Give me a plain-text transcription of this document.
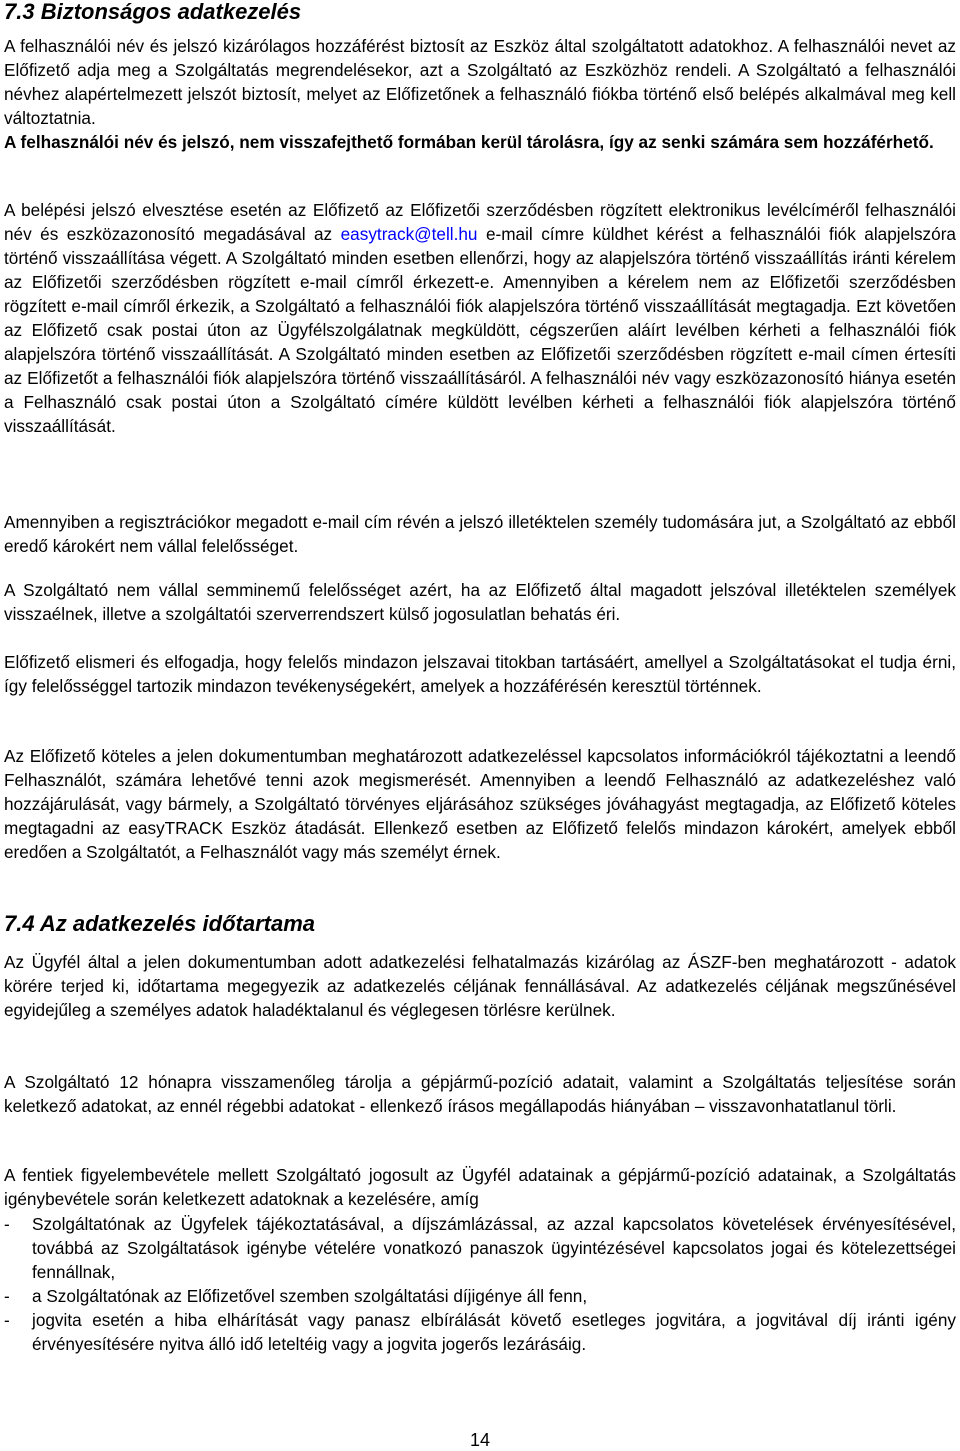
7.3 Biztonságos adatkezelés

A felhasználói név és jelszó kizárólagos hozzáférést biztosít az Eszköz által szolgáltatott adatokhoz. A felhasználói nevet az Előfizető adja meg a Szolgáltatás megrendelésekor, azt a Szolgáltató az Eszközhöz rendeli. A Szolgáltató a felhasználói névhez alapértelmezett jelszót biztosít, melyet az Előfizetőnek a felhasználó fiókba történő első belépés alkalmával meg kell változtatnia.

A felhasználói név és jelszó, nem visszafejthető formában kerül tárolásra, így az senki számára sem hozzáférhető.

A belépési jelszó elvesztése esetén az Előfizető az Előfizetői szerződésben rögzített elektronikus levélcíméről felhasználói név és eszközazonosító megadásával az easytrack@tell.hu e-mail címre küldhet kérést a felhasználói fiók alapjelszóra történő visszaállítása végett. A Szolgáltató minden esetben ellenőrzi, hogy az alapjelszóra történő visszaállítás iránti kérelem az Előfizetői szerződésben rögzített e-mail címről érkezett-e. Amennyiben a kérelem nem az Előfizetői szerződésben rögzített e-mail címről érkezik, a Szolgáltató a felhasználói fiók alapjelszóra történő visszaállítását megtagadja. Ezt követően az Előfizető csak postai úton az Ügyfélszolgálatnak megküldött, cégszerűen aláírt levélben kérheti a felhasználói fiók alapjelszóra történő visszaállítását. A Szolgáltató minden esetben az Előfizetői szerződésben rögzített e-mail címen értesíti az Előfizetőt a felhasználói fiók alapjelszóra történő visszaállításáról. A felhasználói név vagy eszközazonosító hiánya esetén a Felhasználó csak postai úton a Szolgáltató címére küldött levélben kérheti a felhasználói fiók alapjelszóra történő visszaállítását.

Amennyiben a regisztrációkor megadott e-mail cím révén a jelszó illetéktelen személy tudomására jut, a Szolgáltató az ebből eredő károkért nem vállal felelősséget.

A Szolgáltató nem vállal semminemű felelősséget azért, ha az Előfizető által magadott jelszóval illetéktelen személyek visszaélnek, illetve a szolgáltatói szerverrendszert külső jogosulatlan behatás éri.

Előfizető elismeri és elfogadja, hogy felelős mindazon jelszavai titokban tartásáért, amellyel a Szolgáltatásokat el tudja érni, így felelősséggel tartozik mindazon tevékenységekért, amelyek a hozzáférésén keresztül történnek.

Az Előfizető köteles a jelen dokumentumban meghatározott adatkezeléssel kapcsolatos információkról tájékoztatni a leendő Felhasználót, számára lehetővé tenni azok megismerését. Amennyiben a leendő Felhasználó az adatkezeléshez való hozzájárulását, vagy bármely, a Szolgáltató törvényes eljárásához szükséges jóváhagyást megtagadja, az Előfizető köteles megtagadni az easyTRACK Eszköz átadását. Ellenkező esetben az Előfizető felelős mindazon károkért, amelyek ebből eredően a Szolgáltatót, a Felhasználót vagy más személyt érnek.

7.4 Az adatkezelés időtartama

Az Ügyfél által a jelen dokumentumban adott adatkezelési felhatalmazás kizárólag az ÁSZF-ben meghatározott - adatok körére terjed ki, időtartama megegyezik az adatkezelés céljának fennállásával. Az adatkezelés céljának megszűnésével egyidejűleg a személyes adatok haladéktalanul és véglegesen törlésre kerülnek.

A Szolgáltató 12 hónapra visszamenőleg tárolja a gépjármű-pozíció adatait, valamint a Szolgáltatás teljesítése során keletkező adatokat, az ennél régebbi adatokat - ellenkező írásos megállapodás hiányában – visszavonhatatlanul törli.

A fentiek figyelembevétele mellett Szolgáltató jogosult az Ügyfél adatainak a gépjármű-pozíció adatainak, a Szolgáltatás igénybevétele során keletkezett adatoknak a kezelésére, amíg

- Szolgáltatónak az Ügyfelek tájékoztatásával, a díjszámlázással, az azzal kapcsolatos követelések érvényesítésével, továbbá az Szolgáltatások igénybe vételére vonatkozó panaszok ügyintézésével kapcsolatos jogai és kötelezettségei fennállnak,
- a Szolgáltatónak az Előfizetővel szemben szolgáltatási díjigénye áll fenn,
- jogvita esetén a hiba elhárítását vagy panasz elbírálását követő esetleges jogvitára, a jogvitával díj iránti igény érvényesítésére nyitva álló idő leteltéig vagy a jogvita jogerős lezárásáig.
14
